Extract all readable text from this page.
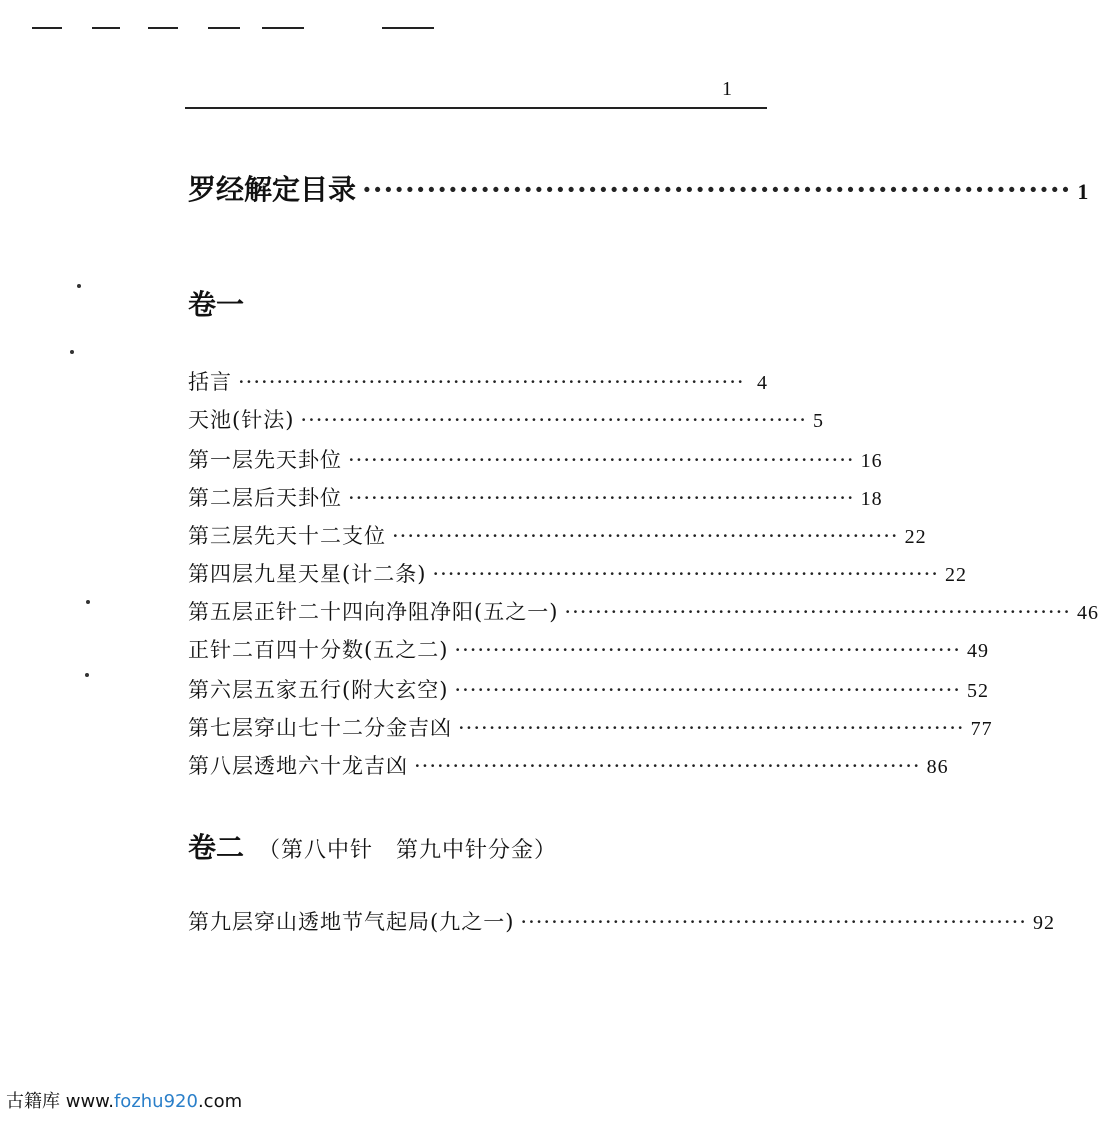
1
罗经解定目录 ·································································· 1
卷一
括言 ·································································· 4
天池(针法) ·································································· 5
第一层先天卦位 ·································································· 16
第二层后天卦位 ·································································· 18
第三层先天十二支位 ·································································· 22
第四层九星天星(计二条) ·································································· 22
第五层正针二十四向净阻净阳(五之一) ·································································· 46
正针二百四十分数(五之二) ·································································· 49
第六层五家五行(附大玄空) ·································································· 52
第七层穿山七十二分金吉凶 ·································································· 77
第八层透地六十龙吉凶 ·································································· 86
卷二 （第八中针　第九中针分金）
第九层穿山透地节气起局(九之一) ·································································· 92
古籍库 www.fozhu920.com
